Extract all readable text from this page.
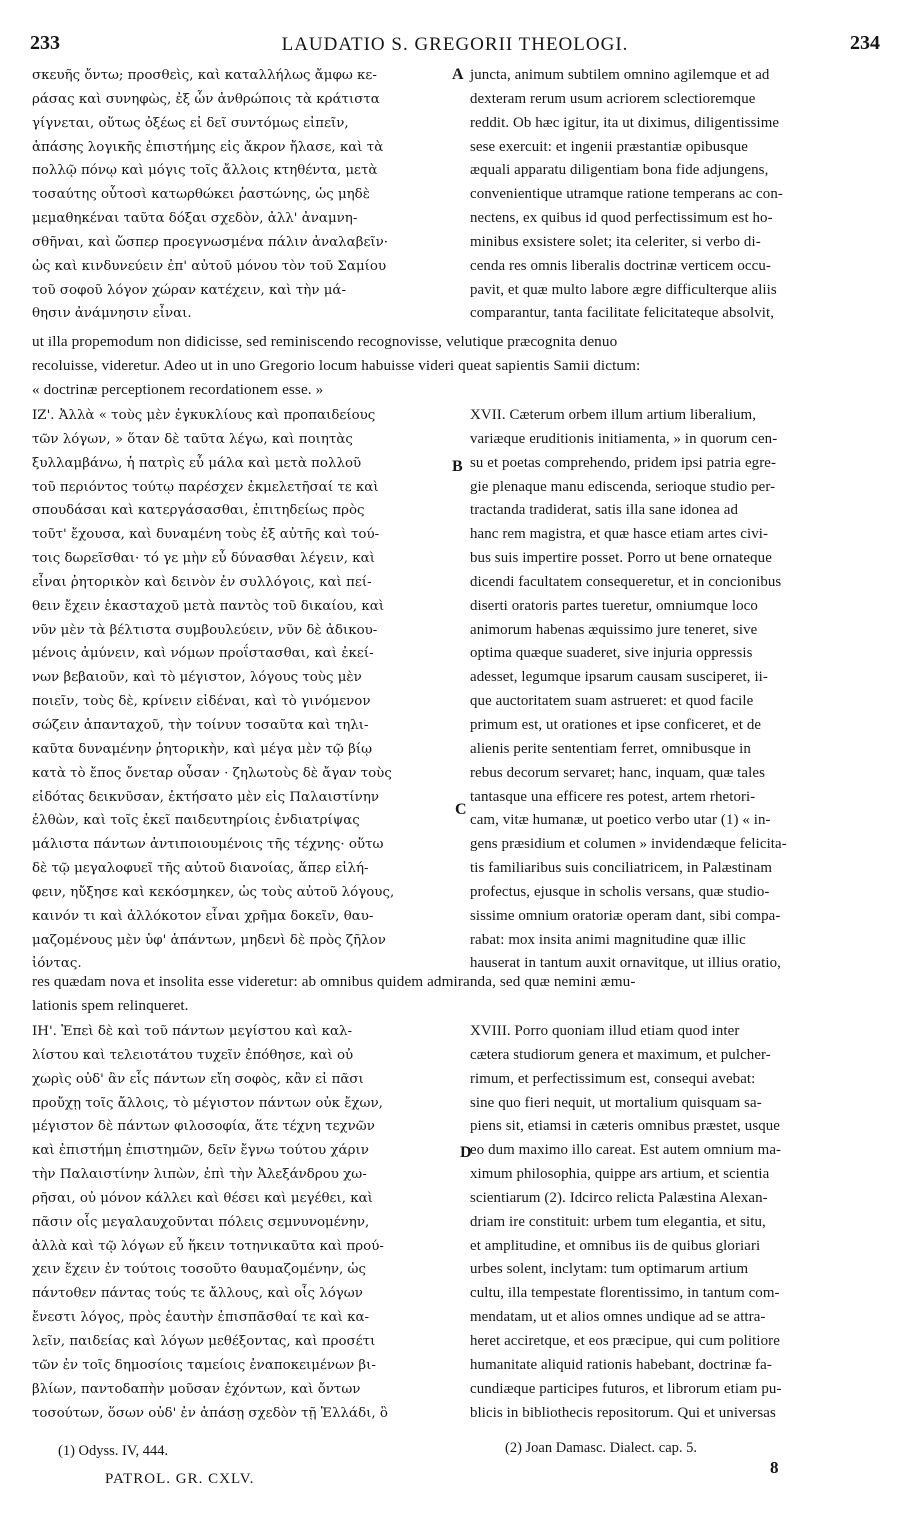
233	LAUDATIO S. GREGORII THEOLOGI.	234

σκευῆς ὄντω; προσθεὶς, καὶ καταλλήλως ἄμφω κε-
ράσας καὶ συνηφὼς, ἐξ ὧν ἀνθρώποις τὰ κράτιστα
γίγνεται, οὕτως ὀξέως εἰ δεῖ συντόμως εἰπεῖν,
ἁπάσης λογικῆς ἐπιστήμης εἰς ἄκρον ἤλασε, καὶ τὰ
πολλῷ πόνῳ καὶ μόγις τοῖς ἄλλοις κτηθέντα, μετὰ
τοσαύτης οὗτοσὶ κατωρθώκει ῥαστώνης, ὡς μηδὲ
μεμαθηκέναι ταῦτα δόξαι σχεδὸν, ἀλλ' ἀναμνη-
σθῆναι, καὶ ὥσπερ προεγνωσμένα πάλιν ἀναλαβεῖν·
ὡς καὶ κινδυνεύειν ἐπ' αὐτοῦ μόνου τὸν τοῦ Σαμίου
τοῦ σοφοῦ λόγον χώραν κατέχειν, καὶ τὴν μά-
θησιν ἀνάμνησιν εἶναι.

A juncta, animum subtilem omnino agilemque et ad
dexteram rerum usum acriorem sclectioremque
reddit. Ob hæc igitur, ita ut diximus, diligentissime
sese exercuit: et ingenii præstantiæ opibusque
æquali apparatu diligentiam bona fide adjungens,
convenientique utramque ratione temperans ac con-
nectens, ex quibus id quod perfectissimum est ho-
minibus exsistere solet; ita celeriter, si verbo di-
cenda res omnis liberalis doctrinæ verticem occu-
pavit, et quæ multo labore ægre difficulterque aliis
comparantur, tanta facilitate felicitateque absolvit,

ut illa propemodum non didicisse, sed reminiscendo recognovisse, velutique præcognita denuo
recoluisse, videretur. Adeo ut in uno Gregorio locum habuisse videri queat sapientis Samii dictum:
« doctrinæ perceptionem recordationem esse. »

ΙΖ'. Ἀλλὰ « τοὺς μὲν ἐγκυκλίους καὶ προπαιδείους
τῶν λόγων, » ὅταν δὲ ταῦτα λέγω, καὶ ποιητὰς
ξυλλαμβάνω, ἡ πατρὶς εὖ μάλα καὶ μετὰ πολλοῦ
τοῦ περιόντος τούτῳ παρέσχεν ἐκμελετῆσαί τε καὶ
σπουδάσαι καὶ κατεργάσασθαι, ἐπιτηδείως πρὸς
τοῦτ' ἔχουσα, καὶ δυναμένη τοὺς ἐξ αὐτῆς καὶ τού-
τοις δωρεῖσθαι· τό γε μὴν εὖ δύνασθαι λέγειν, καὶ
εἶναι ῥητορικὸν καὶ δεινὸν ἐν συλλόγοις, καὶ πεί-
θειν ἔχειν ἑκασταχοῦ μετὰ παντὸς τοῦ δικαίου, καὶ
νῦν μὲν τὰ βέλτιστα συμβουλεύειν, νῦν δὲ ἀδικου-
μένοις ἀμύνειν, καὶ νόμων προΐστασθαι, καὶ ἐκεί-
νων βεβαιοῦν, καὶ τὸ μέγιστον, λόγους τοὺς μὲν
ποιεῖν, τοὺς δὲ, κρίνειν εἰδέναι, καὶ τὸ γινόμενον
σώζειν ἁπανταχοῦ, τὴν τοίνυν τοσαῦτα καὶ τηλι-
καῦτα δυναμένην ῥητορικὴν, καὶ μέγα μὲν τῷ βίῳ
κατὰ τὸ ἔπος ὄνεταρ οὖσαν · ζηλωτοὺς δὲ ἄγαν τοὺς
εἰδότας δεικνῦσαν, ἐκτήσατο μὲν εἰς Παλαιστίνην
ἐλθὼν, καὶ τοῖς ἐκεῖ παιδευτηρίοις ἐνδιατρίψας
μάλιστα πάντων ἀντιποιουμένοις τῆς τέχνης· οὕτω
δὲ τῷ μεγαλοφυεῖ τῆς αὐτοῦ διανοίας, ἅπερ εἰλή-
φειν, ηὔξησε καὶ κεκόσμηκεν, ὡς τοὺς αὐτοῦ λόγους,
καινόν τι καὶ ἀλλόκοτον εἶναι χρῆμα δοκεῖν, θαυ-
μαζομένους μὲν ὑφ' ἁπάντων, μηδενὶ δὲ πρὸς ζῆλον
ἰόντας.

B
C

XVII. Cæterum orbem illum artium liberalium,
variæque eruditionis initiamenta, » in quorum cen-
su et poetas comprehendo, pridem ipsi patria egre-
gie plenaque manu ediscenda, serioque studio per-
tractanda tradiderat, satis illa sane idonea ad
hanc rem magistra, et quæ hasce etiam artes civi-
bus suis impertire posset. Porro ut bene ornateque
dicendi facultatem consequeretur, et in concionibus
diserti oratoris partes tueretur, omniumque loco
animorum habenas æquissimo jure teneret, sive
optima quæque suaderet, sive injuria oppressis
adesset, legumque ipsarum causam susciperet, ii-
que auctoritatem suam astrueret: et quod facile
primum est, ut orationes et ipse conficeret, et de
alienis perite sententiam ferret, omnibusque in
rebus decorum servaret; hanc, inquam, quæ tales
tantasque una efficere res potest, artem rhetori-
cam, vitæ humanæ, ut poetico verbo utar (1) « in-
gens præsidium et columen » invidendæque felicita-
tis familiaribus suis conciliatricem, in Palæstinam
profectus, ejusque in scholis versans, quæ studio-
sissime omnium oratoriæ operam dant, sibi compa-
rabat: mox insita animi magnitudine quæ illic
hauserat in tantum auxit ornavitque, ut illius oratio,

res quædam nova et insolita esse videretur: ab omnibus quidem admiranda, sed quæ nemini æmu-
lationis spem relinqueret.

ΙΗ'. Ἐπεὶ δὲ καὶ τοῦ πάντων μεγίστου καὶ καλ-
λίστου καὶ τελειοτάτου τυχεῖν ἐπόθησε, καὶ οὐ
χωρὶς οὐδ' ἂν εἷς πάντων εἴη σοφὸς, κἂν εἰ πᾶσι
προὔχῃ τοῖς ἄλλοις, τὸ μέγιστον πάντων οὐκ ἔχων,
μέγιστον δὲ πάντων φιλοσοφία, ἅτε τέχνη τεχνῶν
καὶ ἐπιστήμη ἐπιστημῶν, δεῖν ἔγνω τούτου χάριν
τὴν Παλαιστίνην λιπὼν, ἐπὶ τὴν Ἀλεξάνδρου χω-
ρῆσαι, οὐ μόνον κάλλει καὶ θέσει καὶ μεγέθει, καὶ
πᾶσιν οἷς μεγαλαυχοῦνται πόλεις σεμνυνομένην,
ἀλλὰ καὶ τῷ λόγων εὖ ἥκειν τοτηνικαῦτα καὶ πρού-
χειν ἔχειν ἐν τούτοις τοσοῦτο θαυμαζομένην, ὡς
πάντοθεν πάντας τούς τε ἄλλους, καὶ οἷς λόγων
ἔνεστι λόγος, πρὸς ἑαυτὴν ἐπισπᾶσθαί τε καὶ κα-
λεῖν, παιδείας καὶ λόγων μεθέξοντας, καὶ προσέτι
τῶν ἐν τοῖς δημοσίοις ταμείοις ἐναποκειμένων βι-
βλίων, παντοδαπὴν μοῦσαν ἐχόντων, καὶ ὄντων
τοσούτων, ὅσων οὐδ' ἐν ἁπάσῃ σχεδὸν τῇ Ἑλλάδι, ὃ

D

XVIII. Porro quoniam illud etiam quod inter
cætera studiorum genera et maximum, et pulcher-
rimum, et perfectissimum est, consequi avebat:
sine quo fieri nequit, ut mortalium quisquam sa-
piens sit, etiamsi in cæteris omnibus præstet, usque
eo dum maximo illo careat. Est autem omnium ma-
ximum philosophia, quippe ars artium, et scientia
scientiarum (2). Idcirco relicta Palæstina Alexan-
driam ire constituit: urbem tum elegantia, et situ,
et amplitudine, et omnibus iis de quibus gloriari
urbes solent, inclytam: tum optimarum artium
cultu, illa tempestate florentissimo, in tantum com-
mendatam, ut et alios omnes undique ad se attra-
heret acciretque, et eos præcipue, qui cum politiore
humanitate aliquid rationis habebant, doctrinæ fa-
cundiæque participes futuros, et librorum etiam pu-
blicis in bibliothecis repositorum. Qui et universas

(1) Odyss. IV, 444.	(2) Joan Damasc. Dialect. cap. 5.
PATROL. GR. CXLV.
8
